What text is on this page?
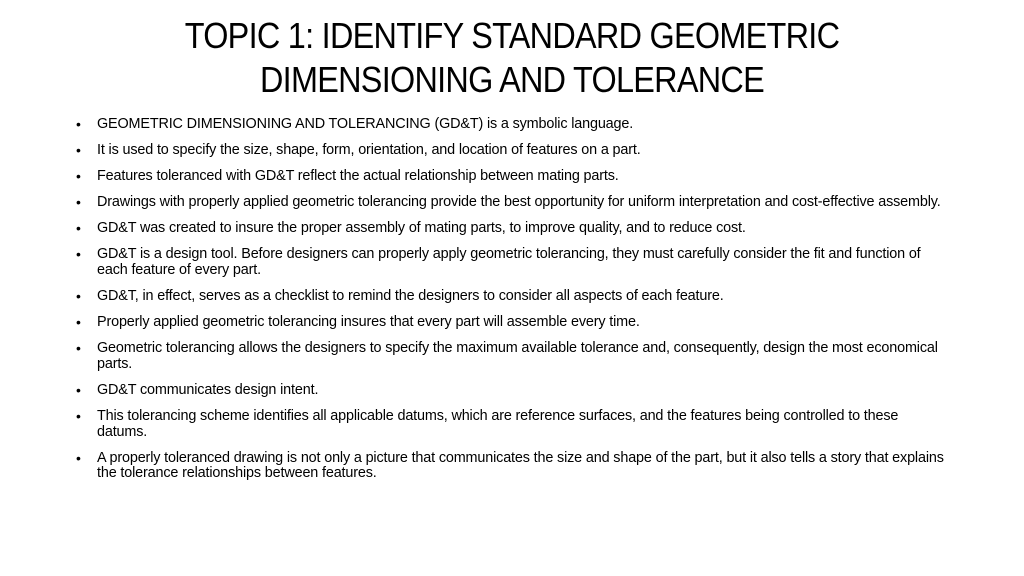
TOPIC 1: IDENTIFY STANDARD GEOMETRIC
DIMENSIONING AND TOLERANCE
• GEOMETRIC DIMENSIONING AND TOLERANCING (GD&T) is a symbolic language.
• It is used to specify the size, shape, form, orientation, and location of features on a part.
• Features toleranced with GD&T reflect the actual relationship between mating parts.
• Drawings with properly applied geometric tolerancing provide the best opportunity for uniform interpretation and cost-effective assembly.
• GD&T was created to insure the proper assembly of mating parts, to improve quality, and to reduce cost.
• GD&T is a design tool. Before designers can properly apply geometric tolerancing, they must carefully consider the fit and function of each feature of every part.
• GD&T, in effect, serves as a checklist to remind the designers to consider all aspects of each feature.
• Properly applied geometric tolerancing insures that every part will assemble every time.
• Geometric tolerancing allows the designers to specify the maximum available tolerance and, consequently, design the most economical parts.
• GD&T communicates design intent.
• This tolerancing scheme identifies all applicable datums, which are reference surfaces, and the features being controlled to these datums.
• A properly toleranced drawing is not only a picture that communicates the size and shape of the part, but it also tells a story that explains the tolerance relationships between features.
